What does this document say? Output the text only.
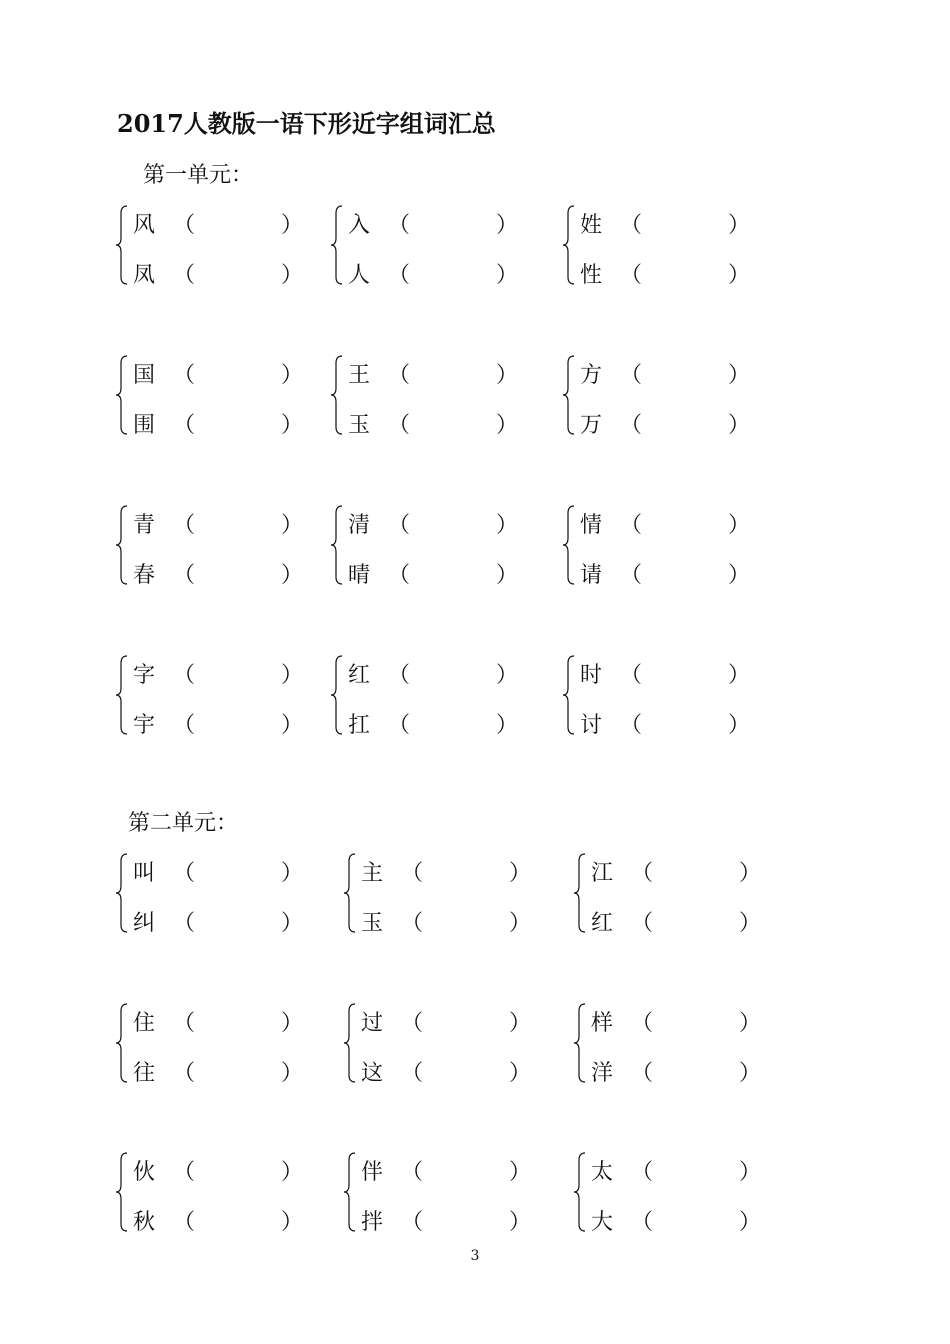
2017人教版一语下形近字组词汇总
第一单元：
风 （	）
凤 （	）
入 （	）
人 （	）
姓 （	）
性 （	）
国 （	）
围 （	）
王 （	）
玉 （	）
方 （	）
万 （	）
青 （	）
春 （	）
清 （	）
晴 （	）
情 （	）
请 （	）
字 （	）
宇 （	）
红 （	）
扛 （	）
时 （	）
讨 （	）
第二单元：
叫 （	）
纠 （	）
主 （	）
玉 （	）
江 （	）
红 （	）
住 （	）
往 （	）
过 （	）
这 （	）
样 （	）
洋 （	）
伙 （	）
秋 （	）
伴 （	）
拌 （	）
太 （	）
大 （	）
3
